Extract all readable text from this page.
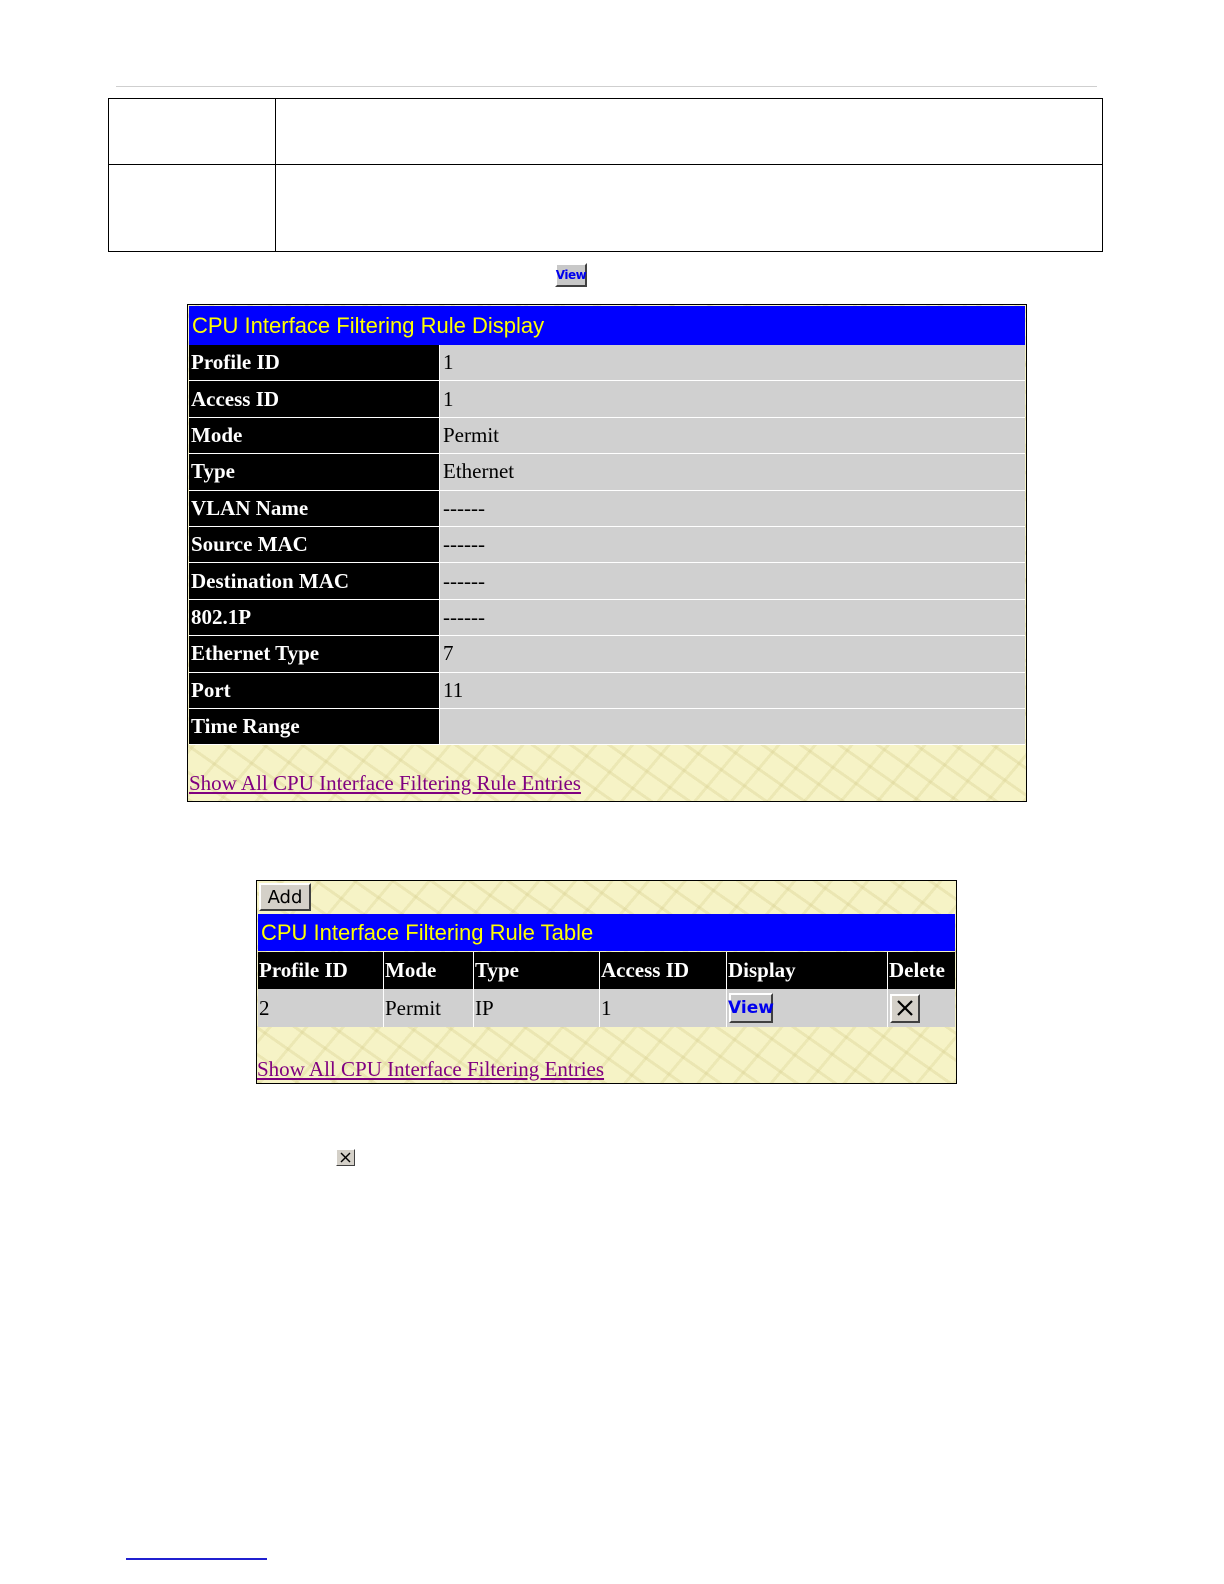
View
CPU Interface Filtering Rule Display
Profile ID	1
Access ID	1
Mode	Permit
Type	Ethernet
VLAN Name	------
Source MAC	------
Destination MAC	------
802.1P	------
Ethernet Type	7
Port	11
Time Range
Show All CPU Interface Filtering Rule Entries
Add
CPU Interface Filtering Rule Table
Profile ID	Mode	Type	Access ID	Display	Delete
2	Permit	IP	1	View	
Show All CPU Interface Filtering Entries
